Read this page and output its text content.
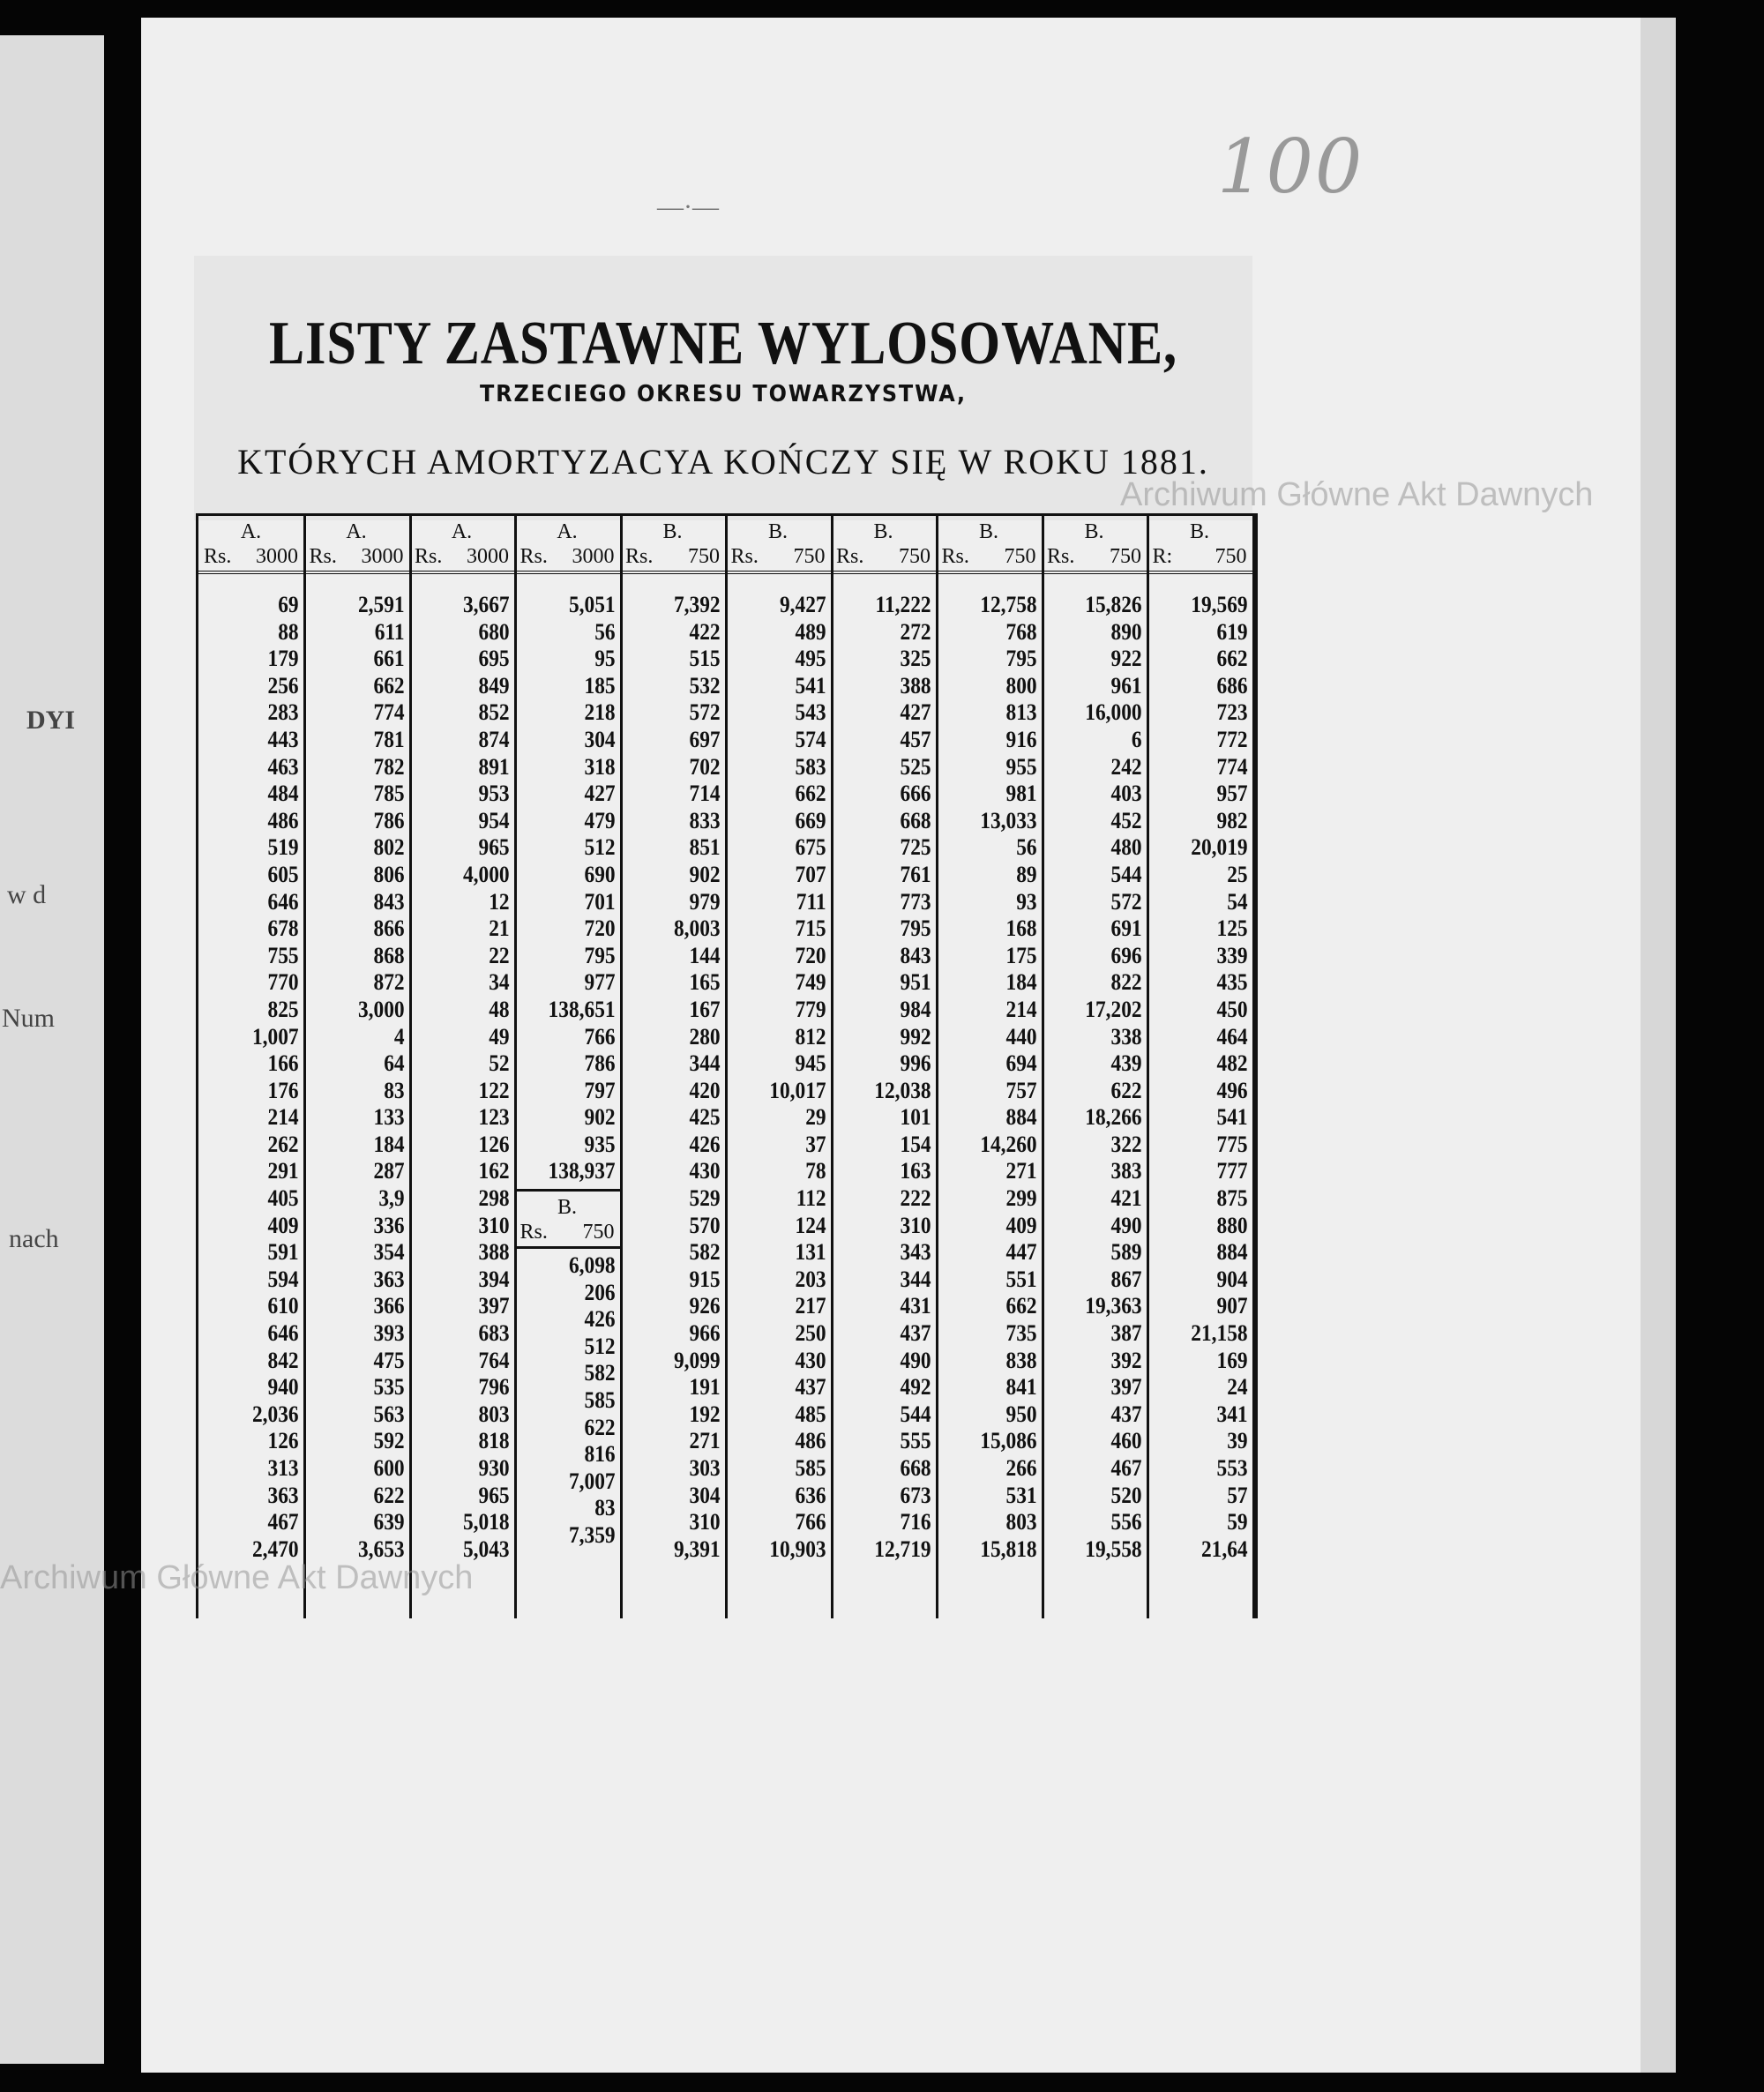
DYI
w d
Num
nach
100
—·—
LISTY ZASTAWNE WYLOSOWANE,
TRZECIEGO OKRESU TOWARZYSTWA,
KTÓRYCH AMORTYZACYA KOŃCZY SIĘ W ROKU 1881.
A.
Rs. 3000
69
88
179
256
283
443
463
484
486
519
605
646
678
755
770
825
1,007
166
176
214
262
291
405
409
591
594
610
646
842
940
2,036
126
313
363
467
2,470
A.
Rs. 3000
2,591
611
661
662
774
781
782
785
786
802
806
843
866
868
872
3,000
4
64
83
133
184
287
3,9
336
354
363
366
393
475
535
563
592
600
622
639
3,653
A.
Rs. 3000
3,667
680
695
849
852
874
891
953
954
965
4,000
12
21
22
34
48
49
52
122
123
126
162
298
310
388
394
397
683
764
796
803
818
930
965
5,018
5,043
A.
Rs. 3000
5,051
56
95
185
218
304
318
427
479
512
690
701
720
795
977
138,651
766
786
797
902
935
138,937
B.
Rs. 750
6,098
206
426
512
582
585
622
816
7,007
83
7,359
B.
Rs. 750
7,392
422
515
532
572
697
702
714
833
851
902
979
8,003
144
165
167
280
344
420
425
426
430
529
570
582
915
926
966
9,099
191
192
271
303
304
310
9,391
B.
Rs. 750
9,427
489
495
541
543
574
583
662
669
675
707
711
715
720
749
779
812
945
10,017
29
37
78
112
124
131
203
217
250
430
437
485
486
585
636
766
10,903
B.
Rs. 750
11,222
272
325
388
427
457
525
666
668
725
761
773
795
843
951
984
992
996
12,038
101
154
163
222
310
343
344
431
437
490
492
544
555
668
673
716
12,719
B.
Rs. 750
12,758
768
795
800
813
916
955
981
13,033
56
89
93
168
175
184
214
440
694
757
884
14,260
271
299
409
447
551
662
735
838
841
950
15,086
266
531
803
15,818
B.
Rs. 750
15,826
890
922
961
16,000
6
242
403
452
480
544
572
691
696
822
17,202
338
439
622
18,266
322
383
421
490
589
867
19,363
387
392
397
437
460
467
520
556
19,558
B.
R: 750
19,569
619
662
686
723
772
774
957
982
20,019
25
54
125
339
435
450
464
482
496
541
775
777
875
880
884
904
907
21,158
169
24
341
39
553
57
59
21,64
Archiwum Główne Akt Dawnych
Archiwum Główne Akt Dawnych
